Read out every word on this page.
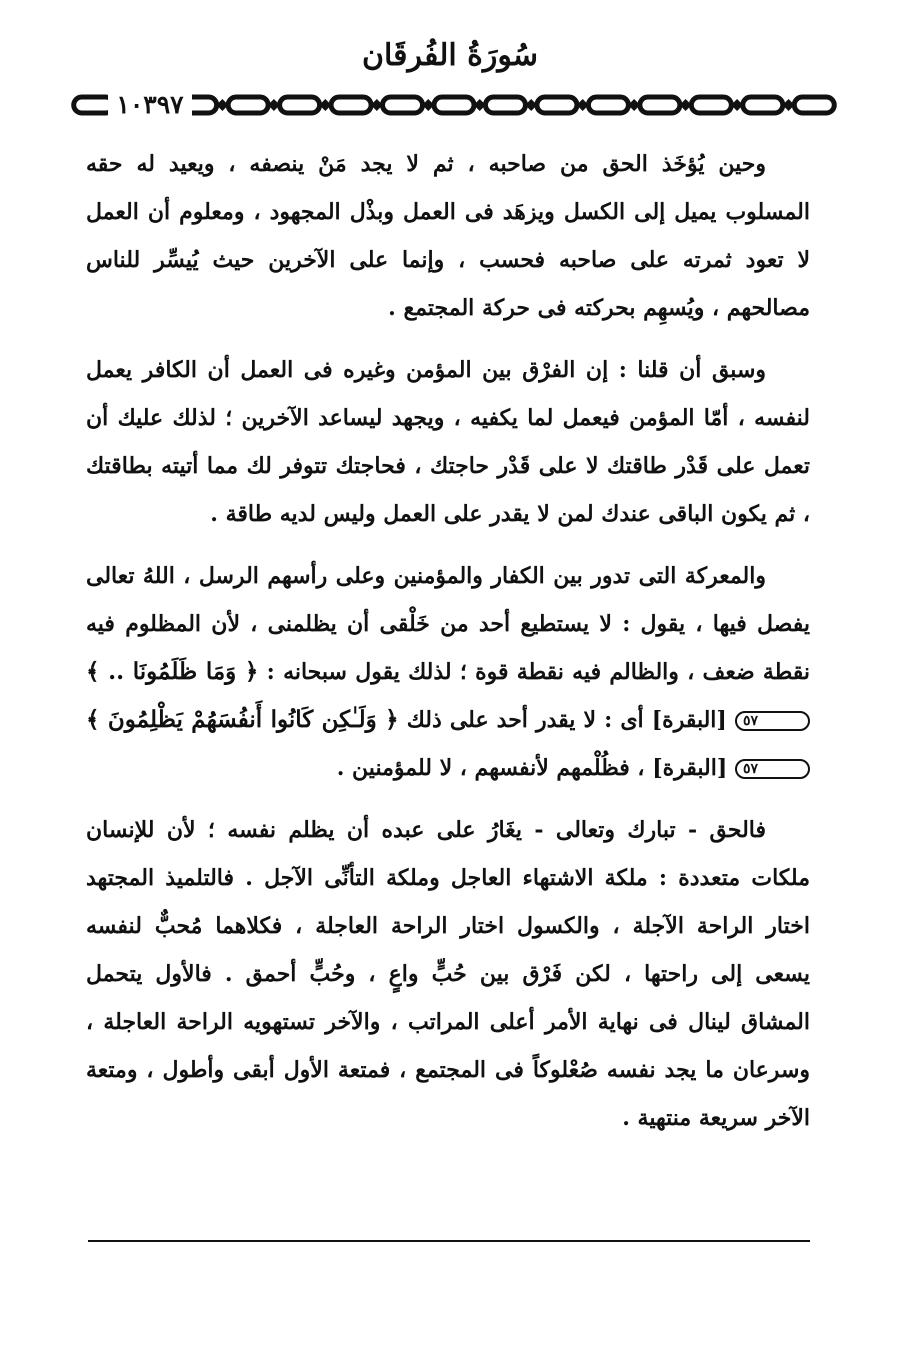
سُورَةُ الفُرقَان
١٠٣٩٧

وحين يُؤخَذ الحق من صاحبه ، ثم لا يجد مَنْ ينصفه ، ويعيد له حقه المسلوب يميل إلى الكسل ويزهَد فى العمل وبذْل المجهود ، ومعلوم أن العمل لا تعود ثمرته على صاحبه فحسب ، وإنما على الآخرين حيث يُيسِّر للناس مصالحهم ، ويُسهِم بحركته فى حركة المجتمع .

وسبق أن قلنا : إن الفرْق بين المؤمن وغيره فى العمل أن الكافر يعمل لنفسه ، أمّا المؤمن فيعمل لما يكفيه ، ويجهد ليساعد الآخرين ؛ لذلك عليك أن تعمل على قَدْر طاقتك لا على قَدْر حاجتك ، فحاجتك تتوفر لك مما أتيته بطاقتك ، ثم يكون الباقى عندك لمن لا يقدر على العمل وليس لديه طاقة .

والمعركة التى تدور بين الكفار والمؤمنين وعلى رأسهم الرسل ، اللهُ تعالى يفصل فيها ، يقول : لا يستطيع أحد من خَلْقى أن يظلمنى ، لأن المظلوم فيه نقطة ضعف ، والظالم فيه نقطة قوة ؛ لذلك يقول سبحانه : ﴿ وَمَا ظَلَمُونَا .. ﴾ ٥٧ [البقرة] أى : لا يقدر أحد على ذلك ﴿ وَلَـٰكِن كَانُوا أَنفُسَهُمْ يَظْلِمُونَ ﴾ ٥٧ [البقرة] ، فظُلْمهم لأنفسهم ، لا للمؤمنين .

فالحق - تبارك وتعالى - يغَارُ على عبده أن يظلم نفسه ؛ لأن للإنسان ملكات متعددة : ملكة الاشتهاء العاجل وملكة التأنِّى الآجل . فالتلميذ المجتهد اختار الراحة الآجلة ، والكسول اختار الراحة العاجلة ، فكلاهما مُحبٌّ لنفسه يسعى إلى راحتها ، لكن فَرْق بين حُبٍّ واعٍ ، وحُبٍّ أحمق . فالأول يتحمل المشاق لينال فى نهاية الأمر أعلى المراتب ، والآخر تستهويه الراحة العاجلة ، وسرعان ما يجد نفسه صُعْلوكاً فى المجتمع ، فمتعة الأول أبقى وأطول ، ومتعة الآخر سريعة منتهية .
